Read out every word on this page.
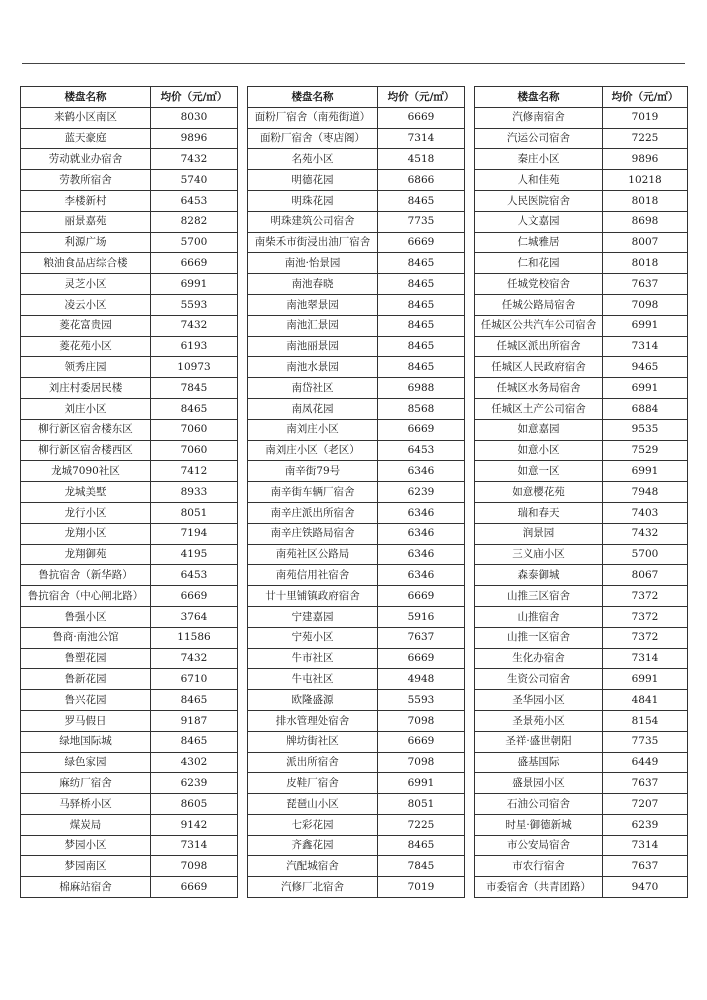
楼盘名称	均价（元/㎡）
来鹤小区南区	8030
蓝天豪庭	9896
劳动就业办宿舍	7432
劳教所宿舍	5740
李楼新村	6453
丽景嘉苑	8282
利源广场	5700
粮油食品店综合楼	6669
灵芝小区	6991
凌云小区	5593
菱花富贵园	7432
菱花苑小区	6193
领秀庄园	10973
刘庄村委居民楼	7845
刘庄小区	8465
柳行新区宿舍楼东区	7060
柳行新区宿舍楼西区	7060
龙城7090社区	7412
龙城美墅	8933
龙行小区	8051
龙翔小区	7194
龙翔御苑	4195
鲁抗宿舍（新华路）	6453
鲁抗宿舍（中心闸北路）	6669
鲁强小区	3764
鲁商·南池公馆	11586
鲁塑花园	7432
鲁新花园	6710
鲁兴花园	8465
罗马假日	9187
绿地国际城	8465
绿色家园	4302
麻纺厂宿舍	6239
马驿桥小区	8605
煤炭局	9142
梦园小区	7314
梦园南区	7098
棉麻站宿舍	6669
楼盘名称	均价（元/㎡）
面粉厂宿舍（南苑街道）	6669
面粉厂宿舍（枣店阁）	7314
名苑小区	4518
明德花园	6866
明珠花园	8465
明珠建筑公司宿舍	7735
南柴禾市街浸出油厂宿舍	6669
南池·怡景园	8465
南池春晓	8465
南池翠景园	8465
南池汇景园	8465
南池丽景园	8465
南池水景园	8465
南岱社区	6988
南凤花园	8568
南刘庄小区	6669
南刘庄小区（老区）	6453
南辛街79号	6346
南辛街车辆厂宿舍	6239
南辛庄派出所宿舍	6346
南辛庄铁路局宿舍	6346
南苑社区公路局	6346
南苑信用社宿舍	6346
廿十里铺镇政府宿舍	6669
宁建嘉园	5916
宁苑小区	7637
牛市社区	6669
牛屯社区	4948
欧隆盛源	5593
排水管理处宿舍	7098
牌坊街社区	6669
派出所宿舍	7098
皮鞋厂宿舍	6991
琵琶山小区	8051
七彩花园	7225
齐鑫花园	8465
汽配城宿舍	7845
汽修厂北宿舍	7019
楼盘名称	均价（元/㎡）
汽修南宿舍	7019
汽运公司宿舍	7225
秦庄小区	9896
人和佳苑	10218
人民医院宿舍	8018
人文嘉园	8698
仁城雅居	8007
仁和花园	8018
任城党校宿舍	7637
任城公路局宿舍	7098
任城区公共汽车公司宿舍	6991
任城区派出所宿舍	7314
任城区人民政府宿舍	9465
任城区水务局宿舍	6991
任城区土产公司宿舍	6884
如意嘉园	9535
如意小区	7529
如意一区	6991
如意樱花苑	7948
瑞和春天	7403
润景园	7432
三义庙小区	5700
森泰御城	8067
山推三区宿舍	7372
山推宿舍	7372
山推一区宿舍	7372
生化办宿舍	7314
生资公司宿舍	6991
圣华园小区	4841
圣景苑小区	8154
圣祥·盛世朝阳	7735
盛基国际	6449
盛景园小区	7637
石油公司宿舍	7207
时星·御德新城	6239
市公安局宿舍	7314
市农行宿舍	7637
市委宿舍（共青团路）	9470
